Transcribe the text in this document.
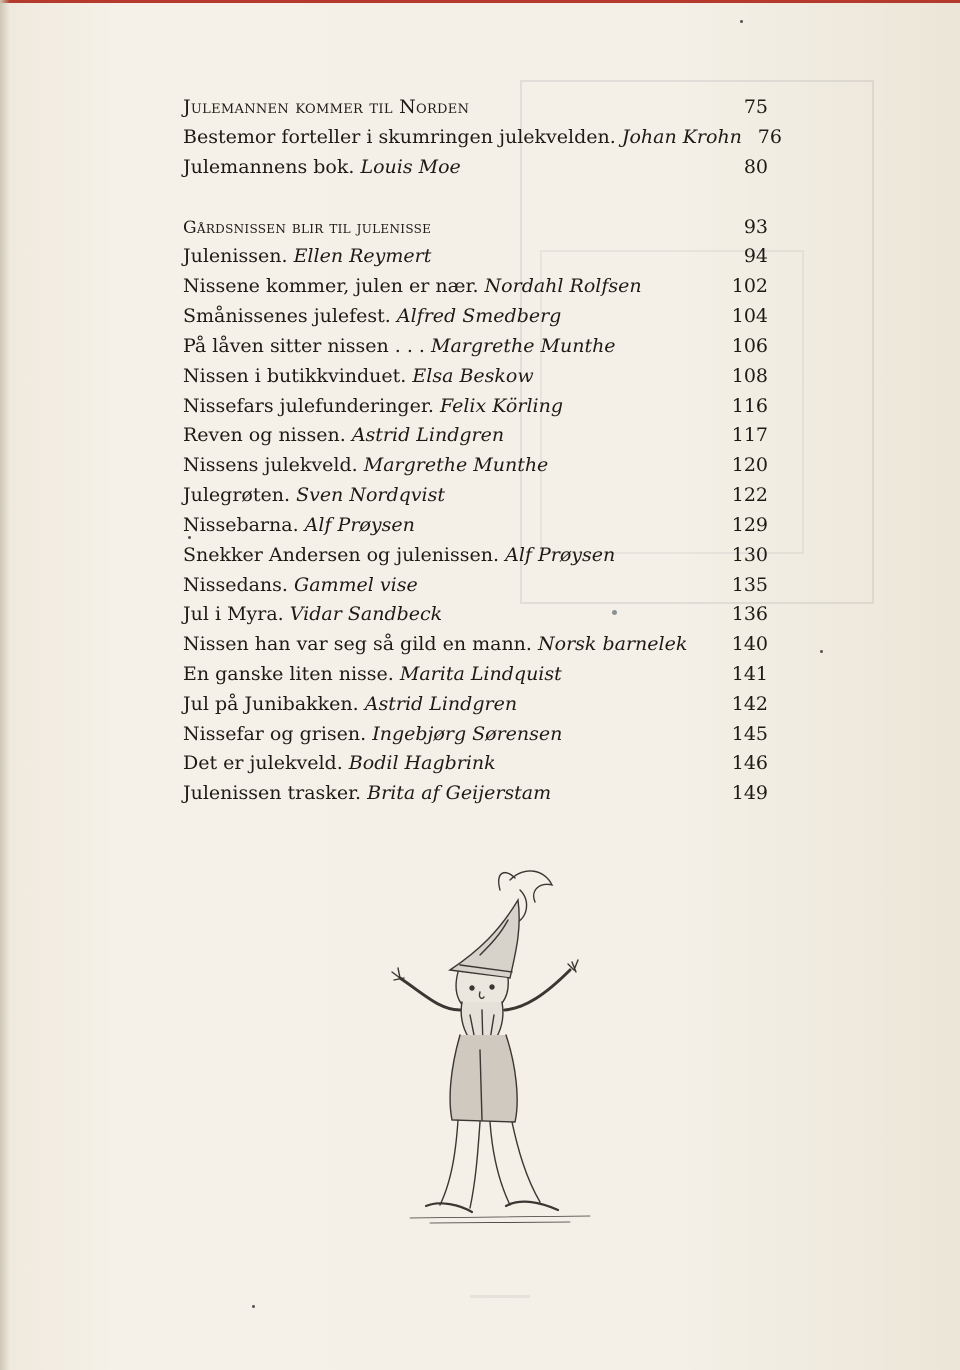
Julemannen kommer til Norden	75
Bestemor forteller i skumringen julekvelden. Johan Krohn 76
Julemannens bok. Louis Moe	80
Gårdsnissen blir til julenisse	93
Julenissen. Ellen Reymert	94
Nissene kommer, julen er nær. Nordahl Rolfsen	102
Smånissenes julefest. Alfred Smedberg	104
På låven sitter nissen . . . Margrethe Munthe	106
Nissen i butikkvinduet. Elsa Beskow	108
Nissefars julefunderinger. Felix Körling	116
Reven og nissen. Astrid Lindgren	117
Nissens julekveld. Margrethe Munthe	120
Julegrøten. Sven Nordqvist	122
Nissebarna. Alf Prøysen	129
Snekker Andersen og julenissen. Alf Prøysen	130
Nissedans. Gammel vise	135
Jul i Myra. Vidar Sandbeck	136
Nissen han var seg så gild en mann. Norsk barnelek 140
En ganske liten nisse. Marita Lindquist	141
Jul på Junibakken. Astrid Lindgren	142
Nissefar og grisen. Ingebjørg Sørensen	145
Det er julekveld. Bodil Hagbrink	146
Julenissen trasker. Brita af Geijerstam	149
